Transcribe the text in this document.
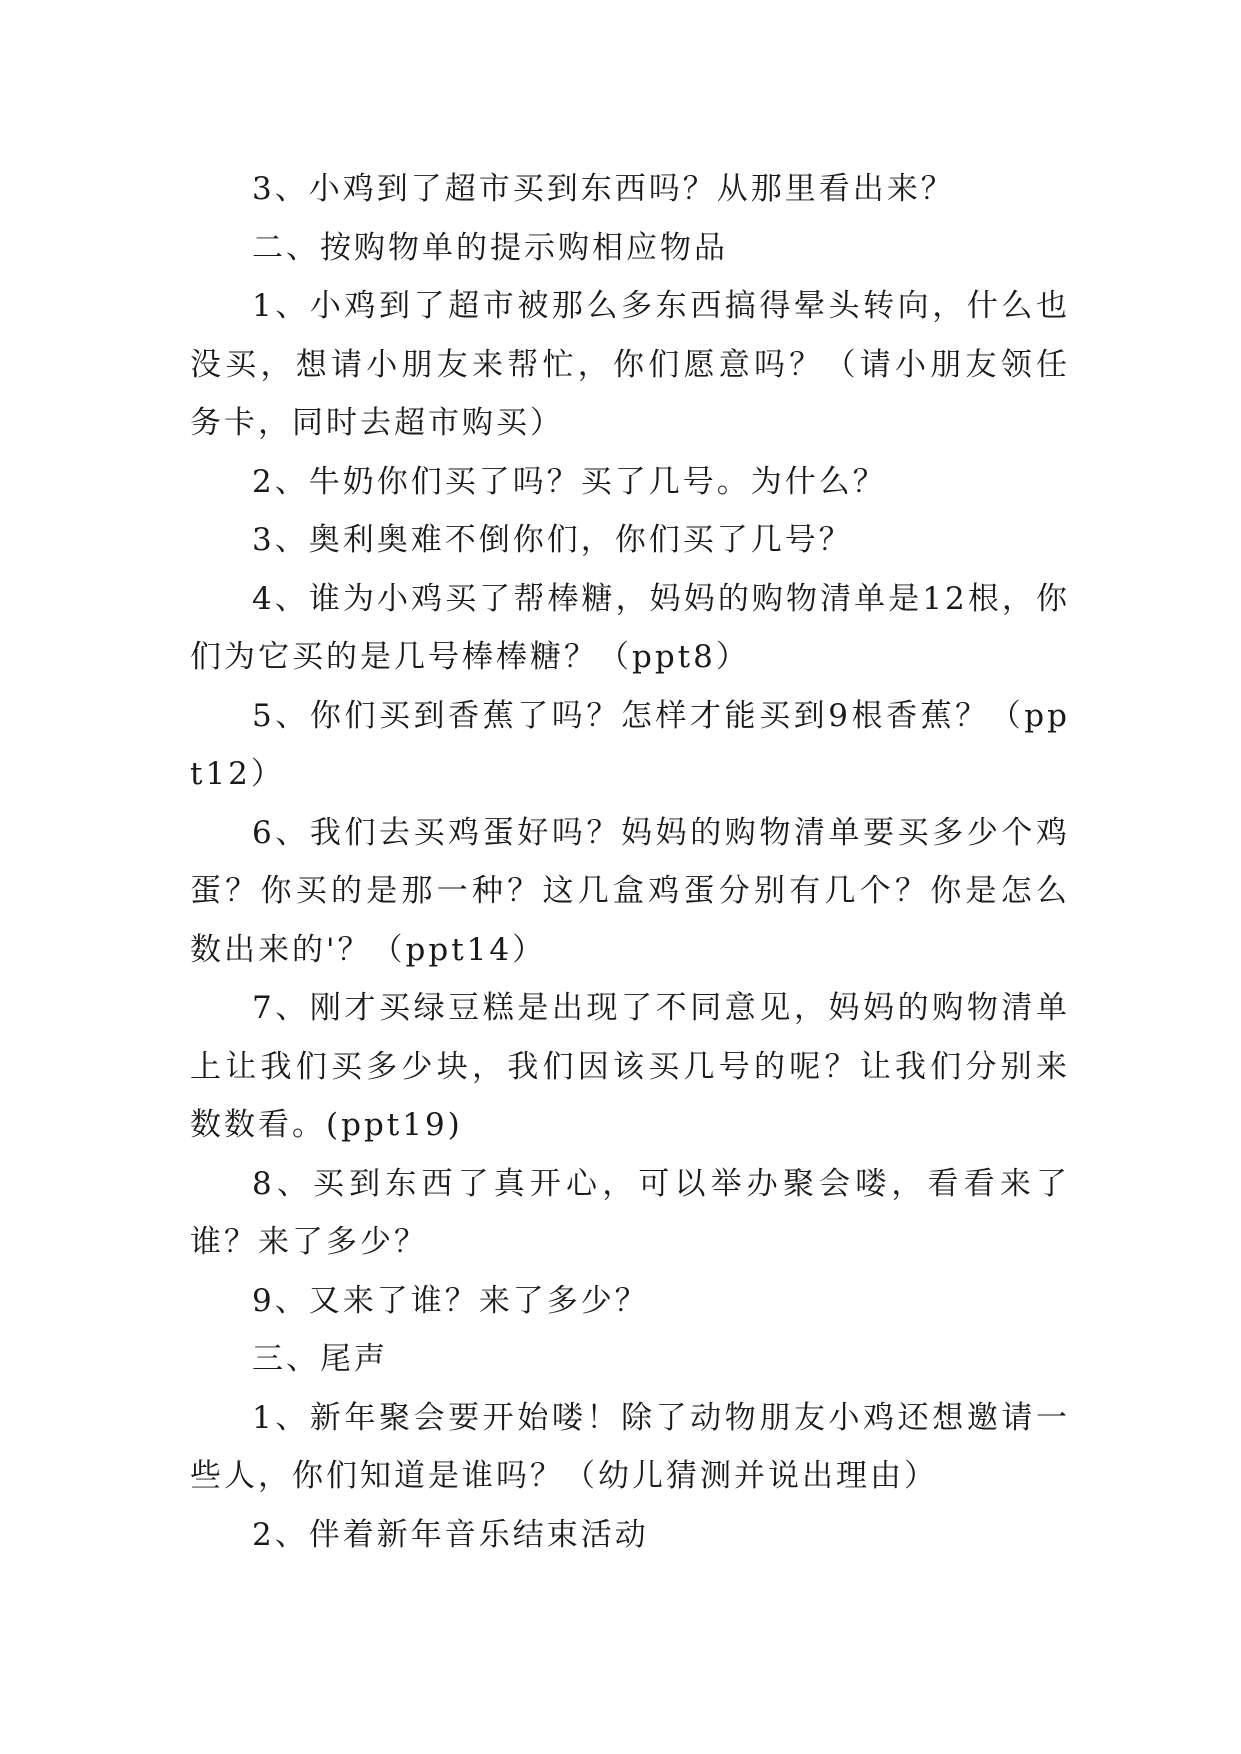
3、小鸡到了超市买到东西吗？从那里看出来？

二、按购物单的提示购相应物品

1、小鸡到了超市被那么多东西搞得晕头转向，什么也没买，想请小朋友来帮忙，你们愿意吗？（请小朋友领任务卡，同时去超市购买）

2、牛奶你们买了吗？买了几号。为什么？

3、奥利奥难不倒你们，你们买了几号？

4、谁为小鸡买了帮棒糖，妈妈的购物清单是12根，你们为它买的是几号棒棒糖？（ppt8）

5、你们买到香蕉了吗？怎样才能买到9根香蕉？（ppt12）

6、我们去买鸡蛋好吗？妈妈的购物清单要买多少个鸡蛋？你买的是那一种？这几盒鸡蛋分别有几个？你是怎么数出来的'？（ppt14）

7、刚才买绿豆糕是出现了不同意见，妈妈的购物清单上让我们买多少块，我们因该买几号的呢？让我们分别来数数看。(ppt19)

8、买到东西了真开心，可以举办聚会喽，看看来了谁？来了多少？

9、又来了谁？来了多少？

三、尾声

1、新年聚会要开始喽！除了动物朋友小鸡还想邀请一些人，你们知道是谁吗？（幼儿猜测并说出理由）

2、伴着新年音乐结束活动
